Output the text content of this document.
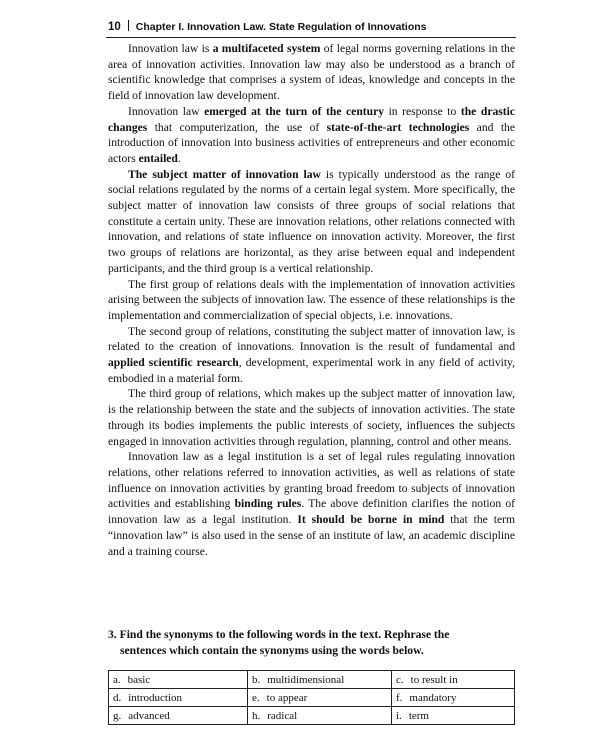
10 Chapter I. Innovation Law. State Regulation of Innovations

Innovation law is a multifaceted system of legal norms governing relations in the area of innovation activities. Innovation law may also be understood as a branch of scientific knowledge that comprises a system of ideas, knowledge and concepts in the field of innovation law development.

Innovation law emerged at the turn of the century in response to the drastic changes that computerization, the use of state-of-the-art technologies and the introduction of innovation into business activities of entrepreneurs and other economic actors entailed.

The subject matter of innovation law is typically understood as the range of social relations regulated by the norms of a certain legal system. More specifically, the subject matter of innovation law consists of three groups of social relations that constitute a certain unity. These are innovation relations, other relations connected with innovation, and relations of state influence on innovation activity. Moreover, the first two groups of relations are horizontal, as they arise between equal and independent participants, and the third group is a vertical relationship.

The first group of relations deals with the implementation of innovation activities arising between the subjects of innovation law. The essence of these relationships is the implementation and commercialization of special objects, i.e. innovations.

The second group of relations, constituting the subject matter of innovation law, is related to the creation of innovations. Innovation is the result of fundamental and applied scientific research, development, experimental work in any field of activity, embodied in a material form.

The third group of relations, which makes up the subject matter of innovation law, is the relationship between the state and the subjects of innovation activities. The state through its bodies implements the public interests of society, influences the subjects engaged in innovation activities through regulation, planning, control and other means.

Innovation law as a legal institution is a set of legal rules regulating innovation relations, other relations referred to innovation activities, as well as relations of state influence on innovation activities by granting broad freedom to subjects of innovation activities and establishing binding rules. The above definition clarifies the notion of innovation law as a legal institution. It should be borne in mind that the term “innovation law” is also used in the sense of an institute of law, an academic discipline and a training course.

3. Find the synonyms to the following words in the text. Rephrase the
sentences which contain the synonyms using the words below.
a. basic	b. multidimensional	c. to result in
d. introduction	e. to appear	f. mandatory
g. advanced	h. radical	i. term
